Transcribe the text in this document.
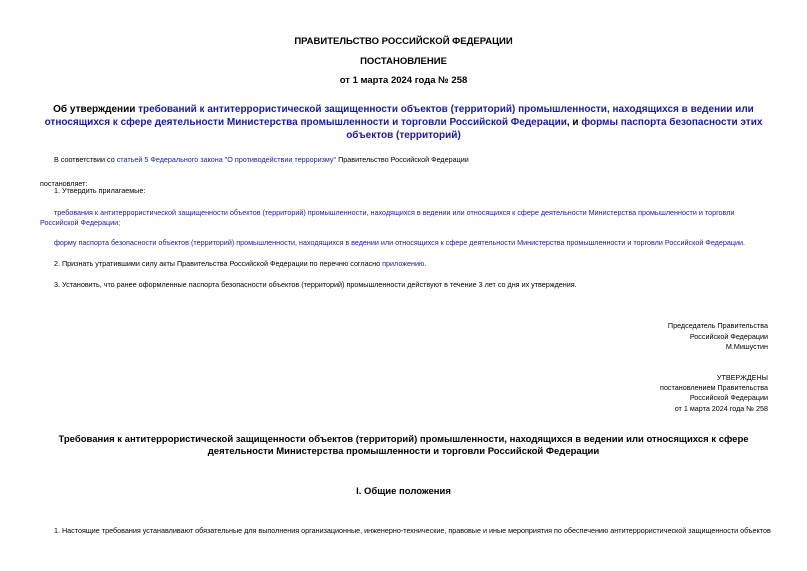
ПРАВИТЕЛЬСТВО РОССИЙСКОЙ ФЕДЕРАЦИИ
ПОСТАНОВЛЕНИЕ
от 1 марта 2024 года № 258
Об утверждении требований к антитеррористической защищенности объектов (территорий) промышленности, находящихся в ведении или относящихся к сфере деятельности Министерства промышленности и торговли Российской Федерации, и формы паспорта безопасности этих объектов (территорий)
В соответствии со статьей 5 Федерального закона "О противодействии терроризму" Правительство Российской Федерации
постановляет:
1. Утвердить прилагаемые:
требования к антитеррористической защищенности объектов (территорий) промышленности, находящихся в ведении или относящихся к сфере деятельности Министерства промышленности и торговли Российской Федерации;
форму паспорта безопасности объектов (территорий) промышленности, находящихся в ведении или относящихся к сфере деятельности Министерства промышленности и торговли Российской Федерации.
2. Признать утратившими силу акты Правительства Российской Федерации по перечню согласно приложению.
3. Установить, что ранее оформленные паспорта безопасности объектов (территорий) промышленности действуют в течение 3 лет со дня их утверждения.
Председатель Правительства
Российской Федерации
М.Мишустин
УТВЕРЖДЕНЫ
постановлением Правительства
Российской Федерации
от 1 марта 2024 года № 258
Требования к антитеррористической защищенности объектов (территорий) промышленности, находящихся в ведении или относящихся к сфере деятельности Министерства промышленности и торговли Российской Федерации
I. Общие положения
1. Настоящие требования устанавливают обязательные для выполнения организационные, инженерно-технические, правовые и иные мероприятия по обеспечению антитеррористической защищенности объектов
